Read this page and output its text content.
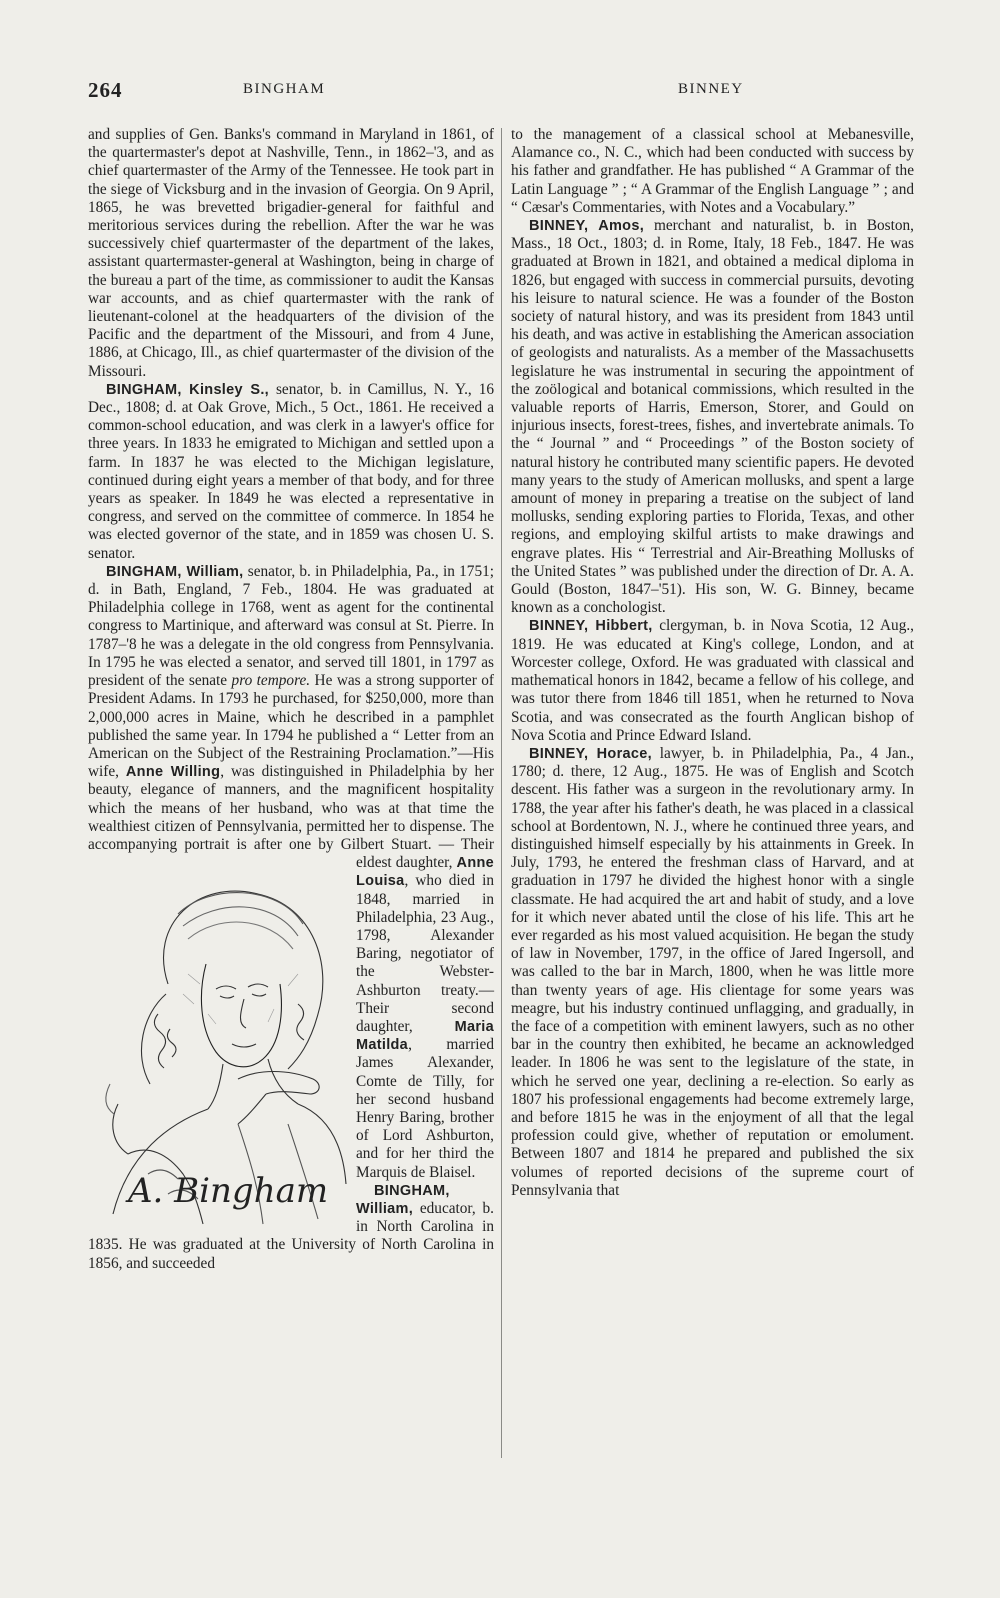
264	BINGHAM	BINNEY

and supplies of Gen. Banks's command in Maryland in 1861, of the quartermaster's depot at Nashville, Tenn., in 1862–'3, and as chief quartermaster of the Army of the Tennessee. He took part in the siege of Vicksburg and in the invasion of Georgia. On 9 April, 1865, he was brevetted brigadier-general for faithful and meritorious services during the rebellion. After the war he was successively chief quartermaster of the department of the lakes, assistant quartermaster-general at Washington, being in charge of the bureau a part of the time, as commissioner to audit the Kansas war accounts, and as chief quartermaster with the rank of lieutenant-colonel at the headquarters of the division of the Pacific and the department of the Missouri, and from 4 June, 1886, at Chicago, Ill., as chief quartermaster of the division of the Missouri.

BINGHAM, Kinsley S., senator, b. in Camillus, N. Y., 16 Dec., 1808; d. at Oak Grove, Mich., 5 Oct., 1861. He received a common-school education, and was clerk in a lawyer's office for three years. In 1833 he emigrated to Michigan and settled upon a farm. In 1837 he was elected to the Michigan legislature, continued during eight years a member of that body, and for three years as speaker. In 1849 he was elected a representative in congress, and served on the committee of commerce. In 1854 he was elected governor of the state, and in 1859 was chosen U. S. senator.

BINGHAM, William, senator, b. in Philadelphia, Pa., in 1751; d. in Bath, England, 7 Feb., 1804. He was graduated at Philadelphia college in 1768, went as agent for the continental congress to Martinique, and afterward was consul at St. Pierre. In 1787–'8 he was a delegate in the old congress from Pennsylvania. In 1795 he was elected a senator, and served till 1801, in 1797 as president of the senate pro tempore. He was a strong supporter of President Adams. In 1793 he purchased, for $250,000, more than 2,000,000 acres in Maine, which he described in a pamphlet published the same year. In 1794 he published a “ Letter from an American on the Subject of the Restraining Proclamation.”—His wife, Anne Willing, was distinguished in Philadelphia by her beauty, elegance of manners, and the magnificent hospitality which the means of her husband, who was at that time the wealthiest citizen of Pennsylvania, permitted her to dispense. The accompanying portrait is after one by Gilbert Stuart. — Their eldest daughter,
A. Bingham
Anne Louisa, who died in 1848, married in Philadelphia, 23 Aug., 1798, Alexander Baring, negotiator of the Webster-Ashburton treaty.— Their second daughter, Maria Matilda, married James Alexander, Comte de Tilly, for her second husband Henry Baring, brother of Lord Ashburton, and for her third the Marquis de Blaisel.

BINGHAM, William, educator, b. in North Carolina in 1835. He was graduated at the University of North Carolina in 1856, and succeeded

to the management of a classical school at Mebanesville, Alamance co., N. C., which had been conducted with success by his father and grandfather. He has published “ A Grammar of the Latin Language ” ; “ A Grammar of the English Language ” ; and “ Cæsar's Commentaries, with Notes and a Vocabulary.”

BINNEY, Amos, merchant and naturalist, b. in Boston, Mass., 18 Oct., 1803; d. in Rome, Italy, 18 Feb., 1847. He was graduated at Brown in 1821, and obtained a medical diploma in 1826, but engaged with success in commercial pursuits, devoting his leisure to natural science. He was a founder of the Boston society of natural history, and was its president from 1843 until his death, and was active in establishing the American association of geologists and naturalists. As a member of the Massachusetts legislature he was instrumental in securing the appointment of the zoölogical and botanical commissions, which resulted in the valuable reports of Harris, Emerson, Storer, and Gould on injurious insects, forest-trees, fishes, and invertebrate animals. To the “ Journal ” and “ Proceedings ” of the Boston society of natural history he contributed many scientific papers. He devoted many years to the study of American mollusks, and spent a large amount of money in preparing a treatise on the subject of land mollusks, sending exploring parties to Florida, Texas, and other regions, and employing skilful artists to make drawings and engrave plates. His “ Terrestrial and Air-Breathing Mollusks of the United States ” was published under the direction of Dr. A. A. Gould (Boston, 1847–'51). His son, W. G. Binney, became known as a conchologist.

BINNEY, Hibbert, clergyman, b. in Nova Scotia, 12 Aug., 1819. He was educated at King's college, London, and at Worcester college, Oxford. He was graduated with classical and mathematical honors in 1842, became a fellow of his college, and was tutor there from 1846 till 1851, when he returned to Nova Scotia, and was consecrated as the fourth Anglican bishop of Nova Scotia and Prince Edward Island.

BINNEY, Horace, lawyer, b. in Philadelphia, Pa., 4 Jan., 1780; d. there, 12 Aug., 1875. He was of English and Scotch descent. His father was a surgeon in the revolutionary army. In 1788, the year after his father's death, he was placed in a classical school at Bordentown, N. J., where he continued three years, and distinguished himself especially by his attainments in Greek. In July, 1793, he entered the freshman class of Harvard, and at graduation in 1797 he divided the highest honor with a single classmate. He had acquired the art and habit of study, and a love for it which never abated until the close of his life. This art he ever regarded as his most valued acquisition. He began the study of law in November, 1797, in the office of Jared Ingersoll, and was called to the bar in March, 1800, when he was little more than twenty years of age. His clientage for some years was meagre, but his industry continued unflagging, and gradually, in the face of a competition with eminent lawyers, such as no other bar in the country then exhibited, he became an acknowledged leader. In 1806 he was sent to the legislature of the state, in which he served one year, declining a re-election. So early as 1807 his professional engagements had become extremely large, and before 1815 he was in the enjoyment of all that the legal profession could give, whether of reputation or emolument. Between 1807 and 1814 he prepared and published the six volumes of reported decisions of the supreme court of Pennsylvania that
